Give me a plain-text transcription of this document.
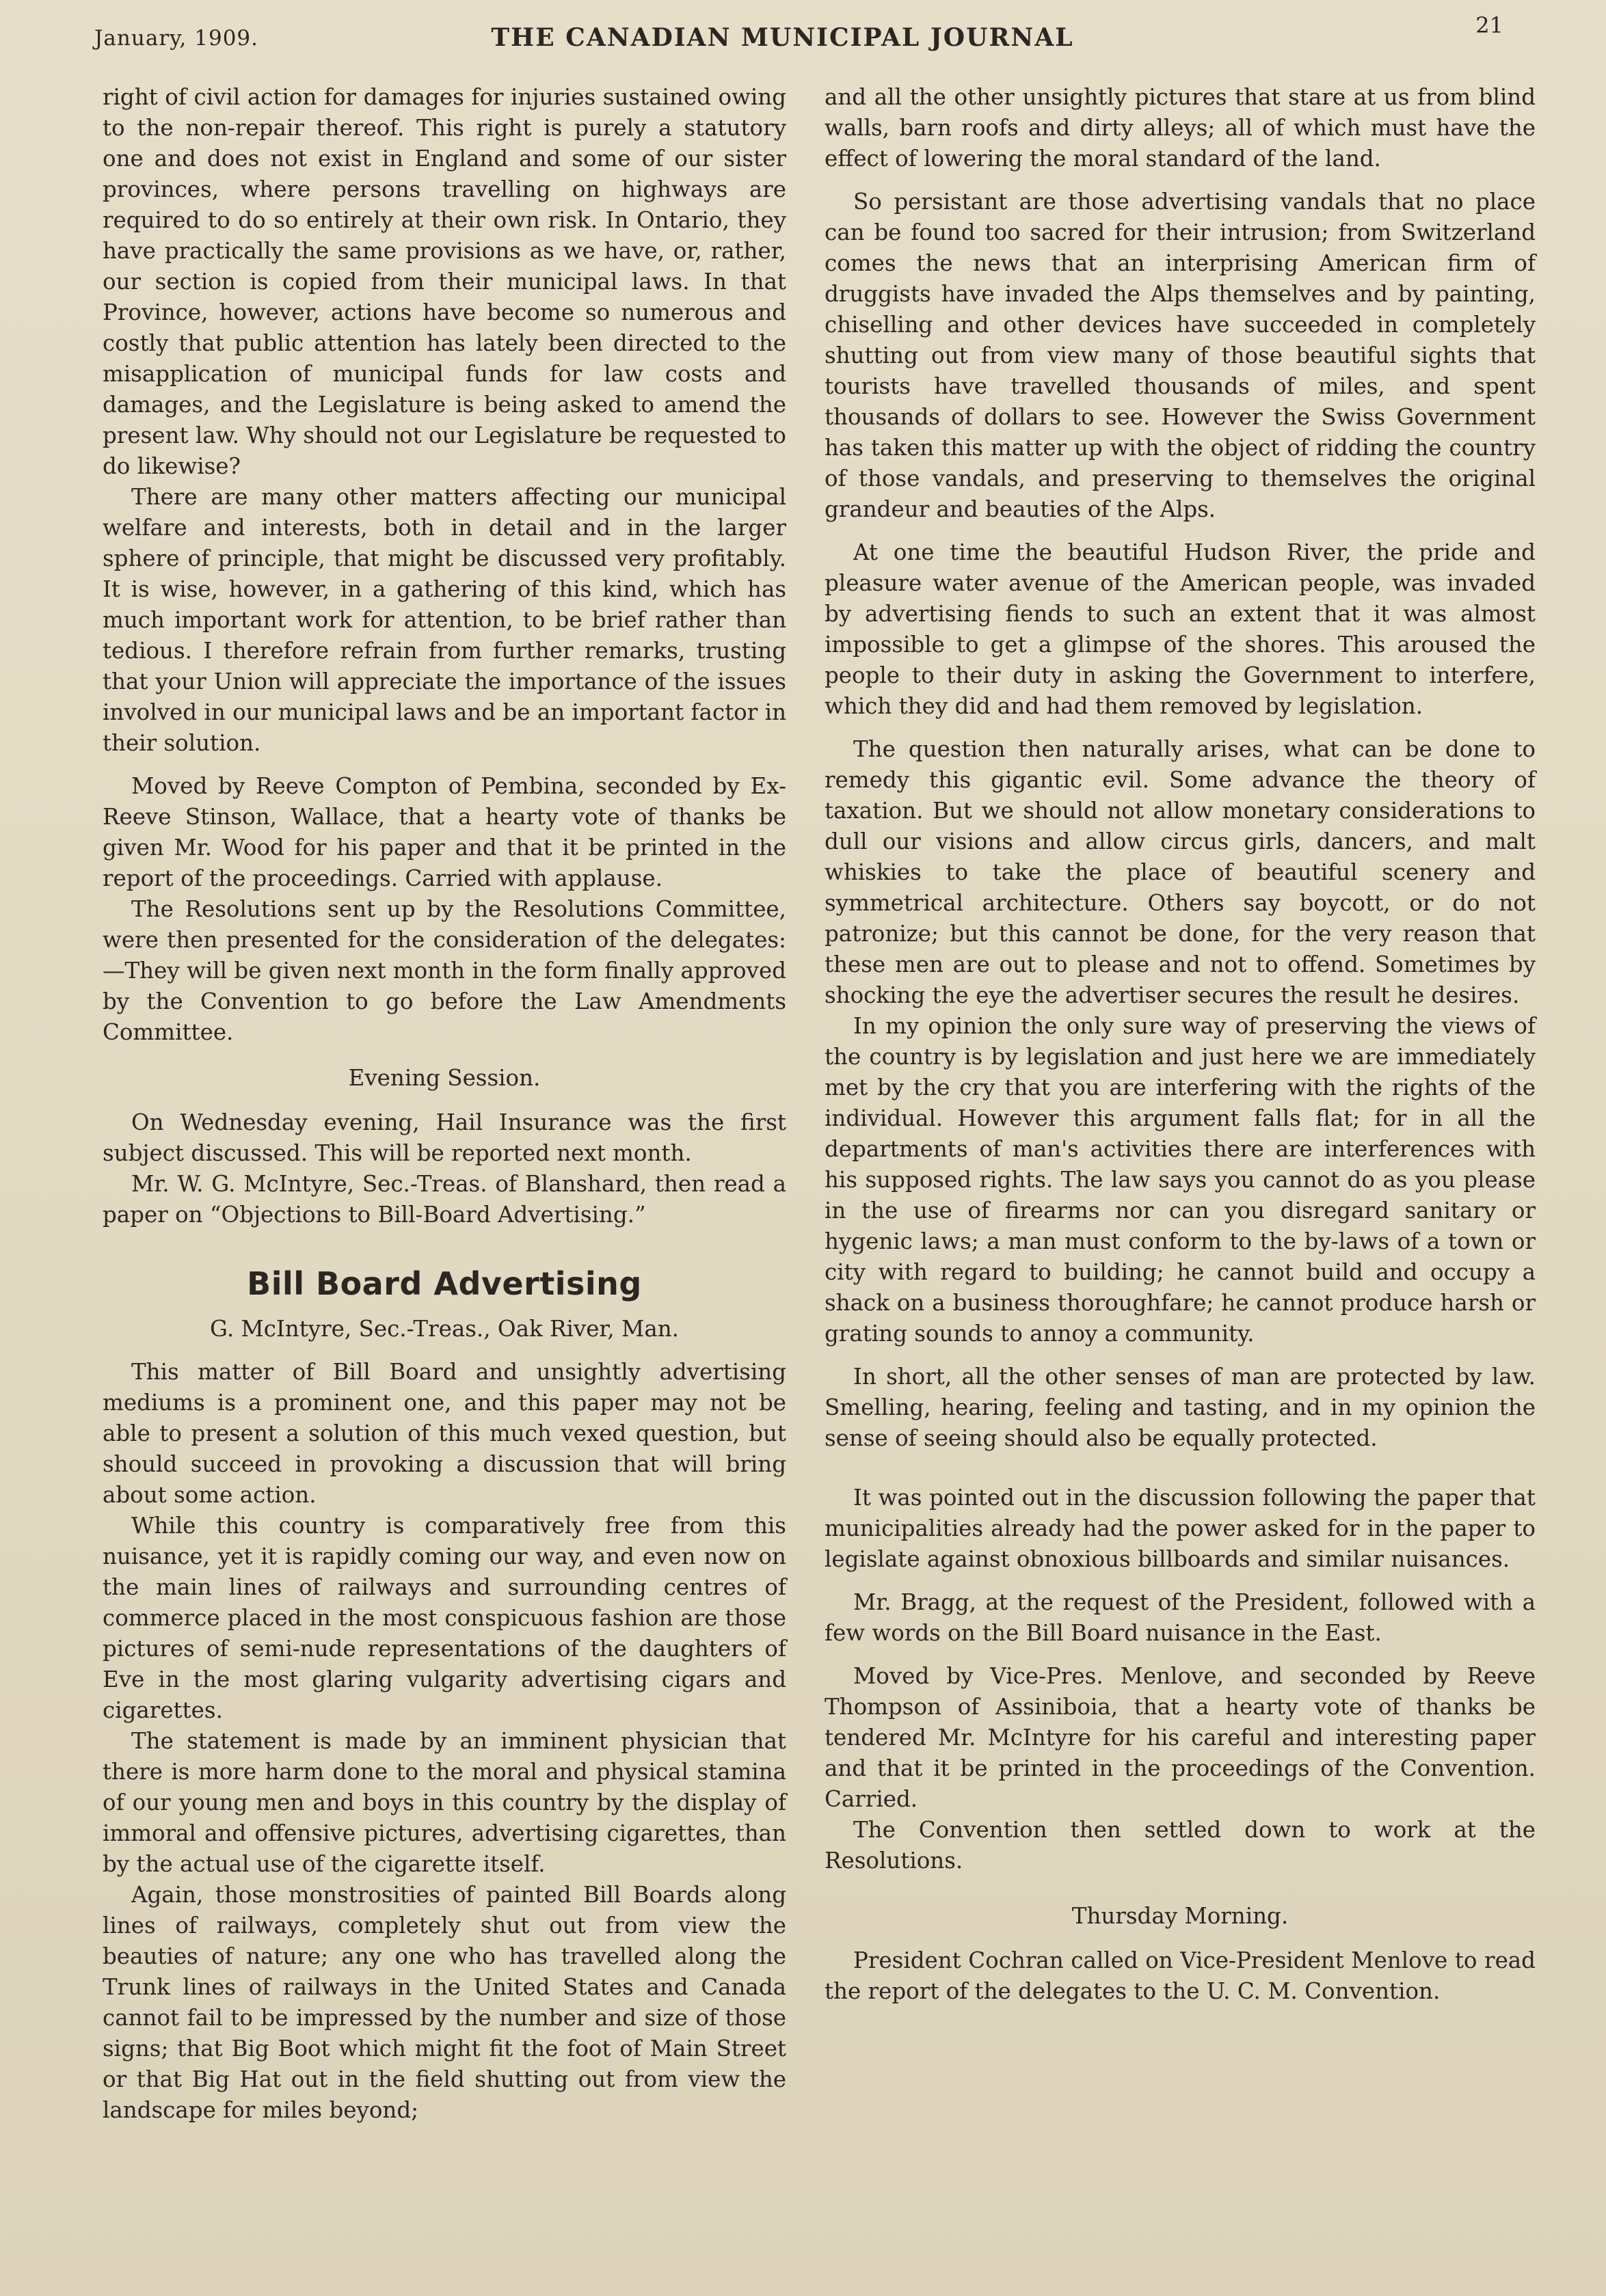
January, 1909.	THE CANADIAN MUNICIPAL JOURNAL	21

right of civil action for damages for injuries sustained owing to the non-repair thereof. This right is purely a statutory one and does not exist in England and some of our sister provinces, where persons travelling on highways are required to do so entirely at their own risk. In Ontario, they have practically the same provisions as we have, or, rather, our section is copied from their municipal laws. In that Province, however, actions have become so numerous and costly that public attention has lately been directed to the misapplication of municipal funds for law costs and damages, and the Legislature is being asked to amend the present law. Why should not our Legislature be requested to do likewise?

There are many other matters affecting our municipal welfare and interests, both in detail and in the larger sphere of principle, that might be discussed very profitably. It is wise, however, in a gathering of this kind, which has much important work for attention, to be brief rather than tedious. I therefore refrain from further remarks, trusting that your Union will appreciate the importance of the issues involved in our municipal laws and be an important factor in their solution.

Moved by Reeve Compton of Pembina, seconded by Ex-Reeve Stinson, Wallace, that a hearty vote of thanks be given Mr. Wood for his paper and that it be printed in the report of the proceedings. Carried with applause.

The Resolutions sent up by the Resolutions Committee, were then presented for the consideration of the delegates:—They will be given next month in the form finally approved by the Convention to go before the Law Amendments Committee.

Evening Session.

On Wednesday evening, Hail Insurance was the first subject discussed. This will be reported next month.

Mr. W. G. McIntyre, Sec.-Treas. of Blanshard, then read a paper on “Objections to Bill-Board Advertising.”

Bill Board Advertising
G. McIntyre, Sec.-Treas., Oak River, Man.

This matter of Bill Board and unsightly advertising mediums is a prominent one, and this paper may not be able to present a solution of this much vexed question, but should succeed in provoking a discussion that will bring about some action.

While this country is comparatively free from this nuisance, yet it is rapidly coming our way, and even now on the main lines of railways and surrounding centres of commerce placed in the most conspicuous fashion are those pictures of semi-nude representations of the daughters of Eve in the most glaring vulgarity advertising cigars and cigarettes.

The statement is made by an imminent physician that there is more harm done to the moral and physical stamina of our young men and boys in this country by the display of immoral and offensive pictures, advertising cigarettes, than by the actual use of the cigarette itself.

Again, those monstrosities of painted Bill Boards along lines of railways, completely shut out from view the beauties of nature; any one who has travelled along the Trunk lines of railways in the United States and Canada cannot fail to be impressed by the number and size of those signs; that Big Boot which might fit the foot of Main Street or that Big Hat out in the field shutting out from view the landscape for miles beyond;

and all the other unsightly pictures that stare at us from blind walls, barn roofs and dirty alleys; all of which must have the effect of lowering the moral standard of the land.

So persistant are those advertising vandals that no place can be found too sacred for their intrusion; from Switzerland comes the news that an interprising American firm of druggists have invaded the Alps themselves and by painting, chiselling and other devices have succeeded in completely shutting out from view many of those beautiful sights that tourists have travelled thousands of miles, and spent thousands of dollars to see. However the Swiss Government has taken this matter up with the object of ridding the country of those vandals, and preserving to themselves the original grandeur and beauties of the Alps.

At one time the beautiful Hudson River, the pride and pleasure water avenue of the American people, was invaded by advertising fiends to such an extent that it was almost impossible to get a glimpse of the shores. This aroused the people to their duty in asking the Government to interfere, which they did and had them removed by legislation.

The question then naturally arises, what can be done to remedy this gigantic evil. Some advance the theory of taxation. But we should not allow monetary considerations to dull our visions and allow circus girls, dancers, and malt whiskies to take the place of beautiful scenery and symmetrical architecture. Others say boycott, or do not patronize; but this cannot be done, for the very reason that these men are out to please and not to offend. Sometimes by shocking the eye the advertiser secures the result he desires.

In my opinion the only sure way of preserving the views of the country is by legislation and just here we are immediately met by the cry that you are interfering with the rights of the individual. However this argument falls flat; for in all the departments of man's activities there are interferences with his supposed rights. The law says you cannot do as you please in the use of firearms nor can you disregard sanitary or hygenic laws; a man must conform to the by-laws of a town or city with regard to building; he cannot build and occupy a shack on a business thoroughfare; he cannot produce harsh or grating sounds to annoy a community.

In short, all the other senses of man are protected by law. Smelling, hearing, feeling and tasting, and in my opinion the sense of seeing should also be equally protected.

It was pointed out in the discussion following the paper that municipalities already had the power asked for in the paper to legislate against obnoxious billboards and similar nuisances.

Mr. Bragg, at the request of the President, followed with a few words on the Bill Board nuisance in the East.

Moved by Vice-Pres. Menlove, and seconded by Reeve Thompson of Assiniboia, that a hearty vote of thanks be tendered Mr. McIntyre for his careful and interesting paper and that it be printed in the proceedings of the Convention. Carried.

The Convention then settled down to work at the Resolutions.

Thursday Morning.

President Cochran called on Vice-President Menlove to read the report of the delegates to the U. C. M. Convention.
